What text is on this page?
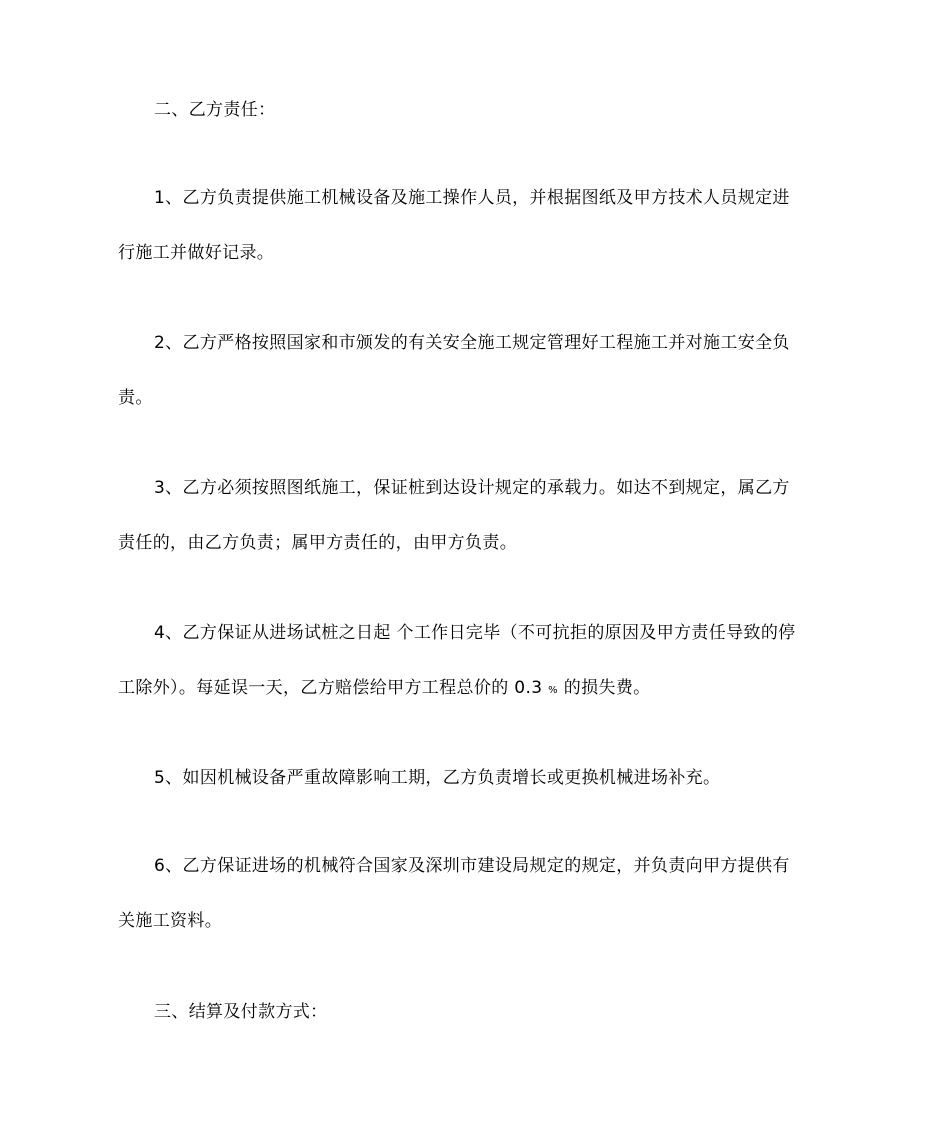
二、乙方责任：
1、乙方负责提供施工机械设备及施工操作人员，并根据图纸及甲方技术人员规定进
行施工并做好记录。
2、乙方严格按照国家和市颁发的有关安全施工规定管理好工程施工并对施工安全负
责。
3、乙方必须按照图纸施工，保证桩到达设计规定的承载力。如达不到规定，属乙方
责任的，由乙方负责；属甲方责任的，由甲方负责。
4、乙方保证从进场试桩之日起 个工作日完毕（不可抗拒的原因及甲方责任导致的停
工除外）。每延误一天，乙方赔偿给甲方工程总价的 0.3 % 的损失费。
5、如因机械设备严重故障影响工期，乙方负责增长或更换机械进场补充。
6、乙方保证进场的机械符合国家及深圳市建设局规定的规定，并负责向甲方提供有
关施工资料。
三、结算及付款方式：
